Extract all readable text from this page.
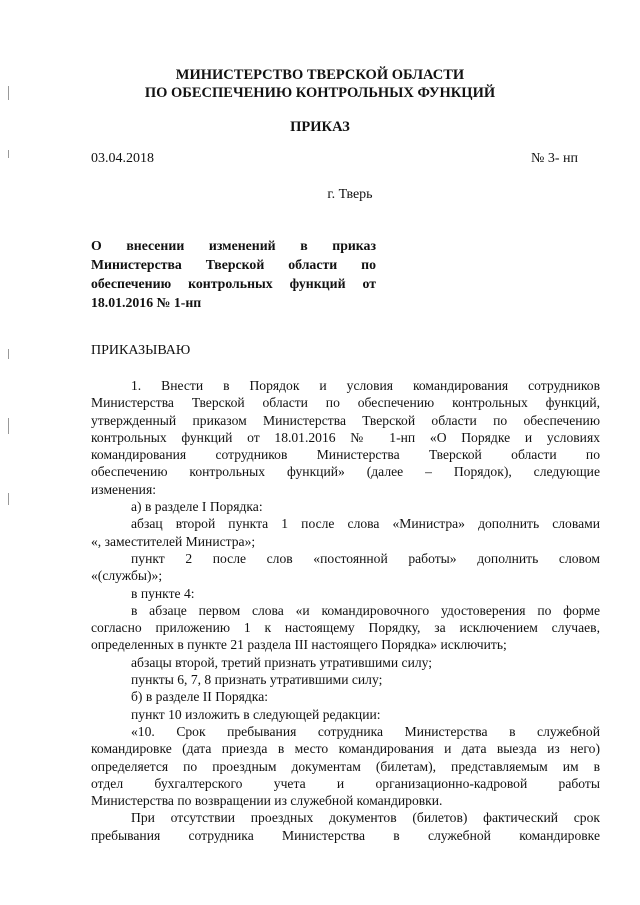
МИНИСТЕРСТВО ТВЕРСКОЙ ОБЛАСТИ
ПО ОБЕСПЕЧЕНИЮ КОНТРОЛЬНЫХ ФУНКЦИЙ
ПРИКАЗ
03.04.2018	№ 3- нп
г. Тверь
О внесении изменений в приказ
Министерства Тверской области по
обеспечению контрольных функций от
18.01.2016 № 1-нп
ПРИКАЗЫВАЮ
1. Внести в Порядок и условия командирования сотрудников
Министерства Тверской области по обеспечению контрольных функций,
утвержденный приказом Министерства Тверской области по обеспечению
контрольных функций от 18.01.2016 № 1-нп «О Порядке и условиях
командирования сотрудников Министерства Тверской области по
обеспечению контрольных функций» (далее – Порядок), следующие
изменения:
а) в разделе I Порядка:
абзац второй пункта 1 после слова «Министра» дополнить словами
«, заместителей Министра»;
пункт 2 после слов «постоянной работы» дополнить словом
«(службы)»;
в пункте 4:
в абзаце первом слова «и командировочного удостоверения по форме
согласно приложению 1 к настоящему Порядку, за исключением случаев,
определенных в пункте 21 раздела III настоящего Порядка» исключить;
абзацы второй, третий признать утратившими силу;
пункты 6, 7, 8 признать утратившими силу;
б) в разделе II Порядка:
пункт 10 изложить в следующей редакции:
«10. Срок пребывания сотрудника Министерства в служебной
командировке (дата приезда в место командирования и дата выезда из него)
определяется по проездным документам (билетам), представляемым им в
отдел бухгалтерского учета и организационно-кадровой работы
Министерства по возвращении из служебной командировки.
При отсутствии проездных документов (билетов) фактический срок
пребывания сотрудника Министерства в служебной командировке
